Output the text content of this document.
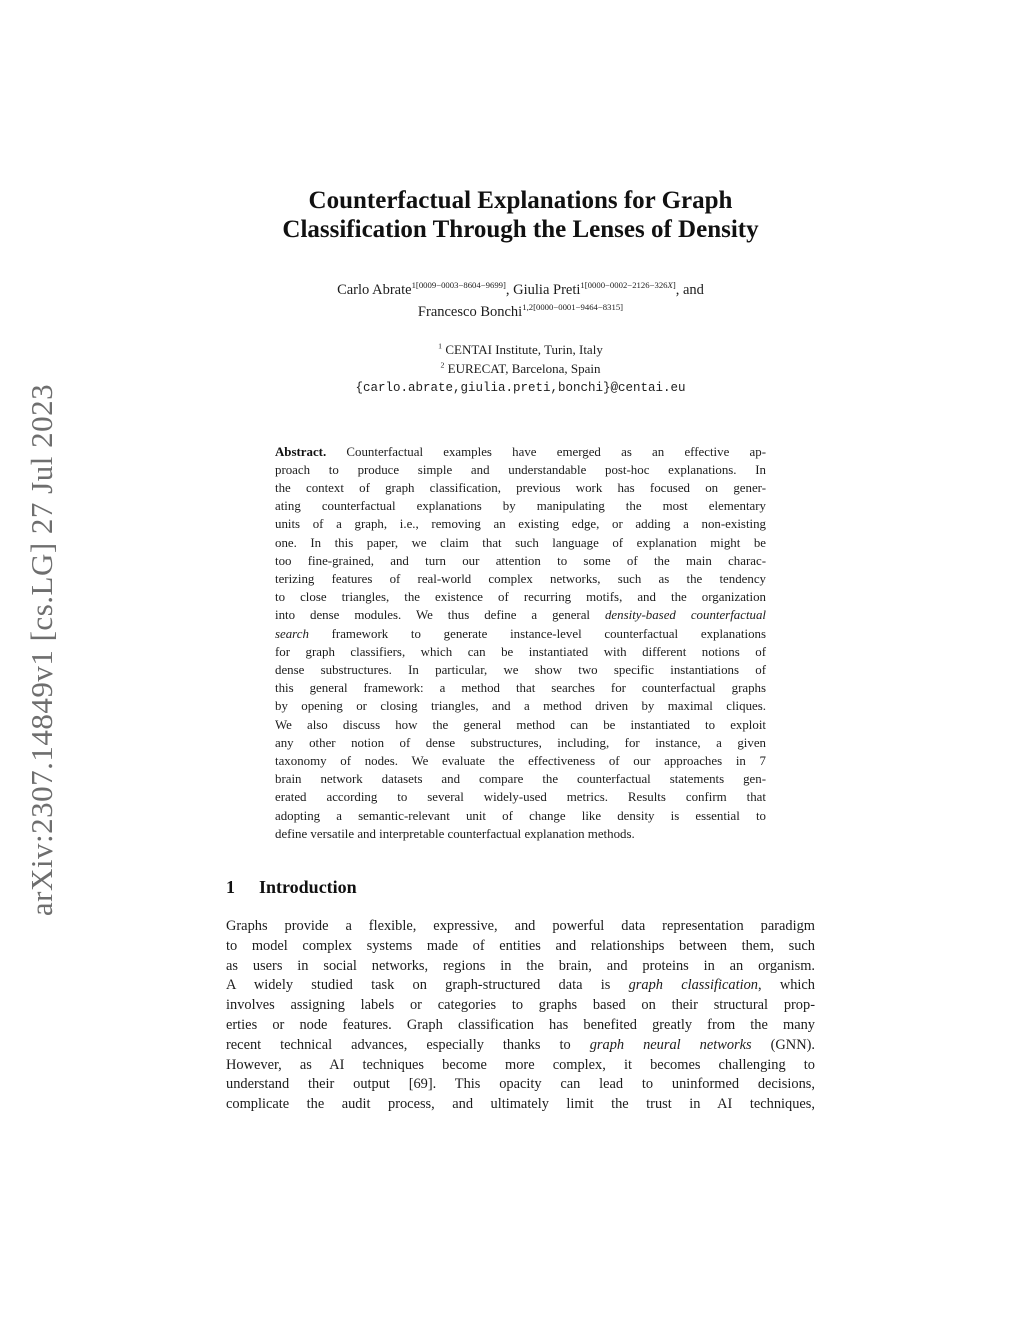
arXiv:2307.14849v1 [cs.LG] 27 Jul 2023
Counterfactual Explanations for Graph
Classification Through the Lenses of Density
Carlo Abrate$^{1[0009-0003-8604-9699]}$, Giulia Preti$^{1[0000-0002-2126-326X]}$, and
Francesco Bonchi$^{1,2[0000-0001-9464-8315]}$
$^1$ CENTAI Institute, Turin, Italy
$^2$ EURECAT, Barcelona, Spain
{carlo.abrate,giulia.preti,bonchi}@centai.eu
Abstract. Counterfactual examples have emerged as an effective ap-
proach to produce simple and understandable post-hoc explanations. In
the context of graph classification, previous work has focused on gener-
ating counterfactual explanations by manipulating the most elementary
units of a graph, i.e., removing an existing edge, or adding a non-existing
one. In this paper, we claim that such language of explanation might be
too fine-grained, and turn our attention to some of the main charac-
terizing features of real-world complex networks, such as the tendency
to close triangles, the existence of recurring motifs, and the organization
into dense modules. We thus define a general density-based counterfactual
search framework to generate instance-level counterfactual explanations
for graph classifiers, which can be instantiated with different notions of
dense substructures. In particular, we show two specific instantiations of
this general framework: a method that searches for counterfactual graphs
by opening or closing triangles, and a method driven by maximal cliques.
We also discuss how the general method can be instantiated to exploit
any other notion of dense substructures, including, for instance, a given
taxonomy of nodes. We evaluate the effectiveness of our approaches in 7
brain network datasets and compare the counterfactual statements gen-
erated according to several widely-used metrics. Results confirm that
adopting a semantic-relevant unit of change like density is essential to
define versatile and interpretable counterfactual explanation methods.
1 Introduction
Graphs provide a flexible, expressive, and powerful data representation paradigm
to model complex systems made of entities and relationships between them, such
as users in social networks, regions in the brain, and proteins in an organism.
A widely studied task on graph-structured data is graph classification, which
involves assigning labels or categories to graphs based on their structural prop-
erties or node features. Graph classification has benefited greatly from the many
recent technical advances, especially thanks to graph neural networks (GNN).
However, as AI techniques become more complex, it becomes challenging to
understand their output [69]. This opacity can lead to uninformed decisions,
complicate the audit process, and ultimately limit the trust in AI techniques,
